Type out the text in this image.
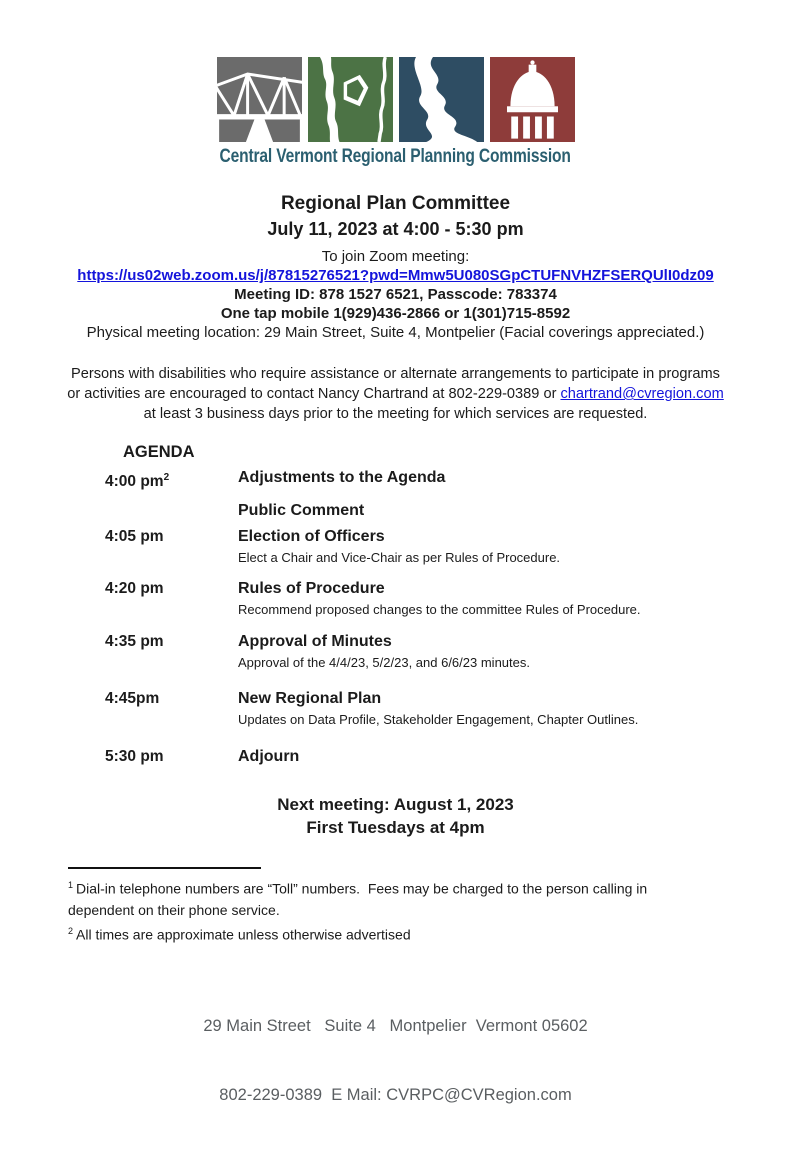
Central Vermont Regional Planning Commission
Regional Plan Committee
July 11, 2023 at 4:00 - 5:30 pm
To join Zoom meeting:
https://us02web.zoom.us/j/87815276521?pwd=Mmw5U080SGpCTUFNVHZFSERQUlI0dz09
Meeting ID: 878 1527 6521, Passcode: 783374
One tap mobile 1(929)436-2866 or 1(301)715-8592
Physical meeting location: 29 Main Street, Suite 4, Montpelier (Facial coverings appreciated.)
Persons with disabilities who require assistance or alternate arrangements to participate in programs
or activities are encouraged to contact Nancy Chartrand at 802-229-0389 or chartrand@cvregion.com
at least 3 business days prior to the meeting for which services are requested.
AGENDA
4:00 $pm^2$	Adjustments to the Agenda
Public Comment
4:05 pm	Election of Officers
Elect a Chair and Vice-Chair as per Rules of Procedure.
4:20 pm	Rules of Procedure
Recommend proposed changes to the committee Rules of Procedure.
4:35 pm	Approval of Minutes
Approval of the 4/4/23, 5/2/23, and 6/6/23 minutes.
4:45pm	New Regional Plan
Updates on Data Profile, Stakeholder Engagement, Chapter Outlines.
5:30 pm	Adjourn
Next meeting: August 1, 2023
First Tuesdays at 4pm

$^1$ Dial-in telephone numbers are “Toll” numbers.  Fees may be charged to the person calling in
dependent on their phone service.

$^2$ All times are approximate unless otherwise advertised

29 Main Street   Suite 4   Montpelier  Vermont 05602

802-229-0389  E Mail: CVRPC@CVRegion.com
